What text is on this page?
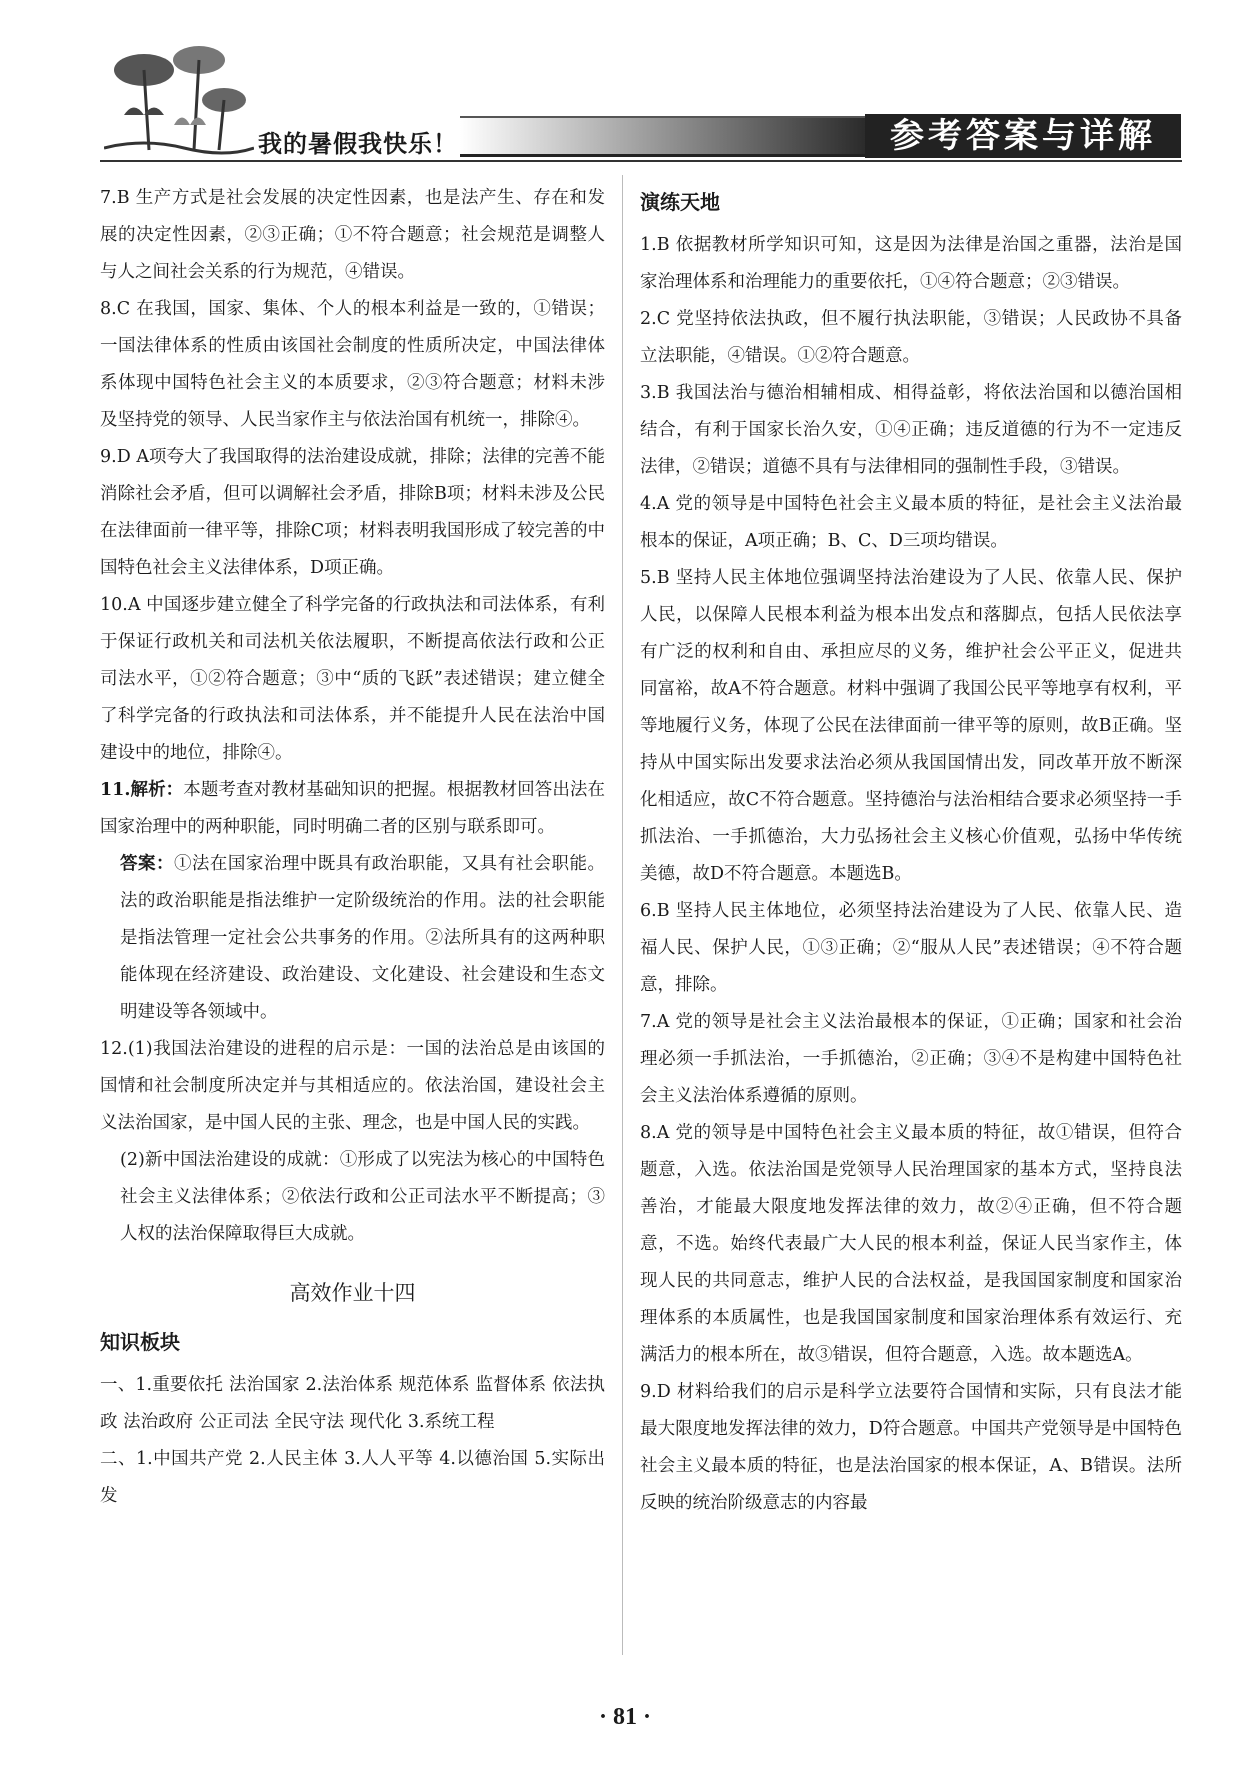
我的暑假我快乐！	参考答案与详解

7.B 生产方式是社会发展的决定性因素，也是法产生、存在和发展的决定性因素，②③正确；①不符合题意；社会规范是调整人与人之间社会关系的行为规范，④错误。

8.C 在我国，国家、集体、个人的根本利益是一致的，①错误；一国法律体系的性质由该国社会制度的性质所决定，中国法律体系体现中国特色社会主义的本质要求，②③符合题意；材料未涉及坚持党的领导、人民当家作主与依法治国有机统一，排除④。

9.D A项夸大了我国取得的法治建设成就，排除；法律的完善不能消除社会矛盾，但可以调解社会矛盾，排除B项；材料未涉及公民在法律面前一律平等，排除C项；材料表明我国形成了较完善的中国特色社会主义法律体系，D项正确。

10.A 中国逐步建立健全了科学完备的行政执法和司法体系，有利于保证行政机关和司法机关依法履职，不断提高依法行政和公正司法水平，①②符合题意；③中“质的飞跃”表述错误；建立健全了科学完备的行政执法和司法体系，并不能提升人民在法治中国建设中的地位，排除④。

11.解析：本题考查对教材基础知识的把握。根据教材回答出法在国家治理中的两种职能，同时明确二者的区别与联系即可。

答案：①法在国家治理中既具有政治职能，又具有社会职能。法的政治职能是指法维护一定阶级统治的作用。法的社会职能是指法管理一定社会公共事务的作用。②法所具有的这两种职能体现在经济建设、政治建设、文化建设、社会建设和生态文明建设等各领域中。

12.(1)我国法治建设的进程的启示是：一国的法治总是由该国的国情和社会制度所决定并与其相适应的。依法治国，建设社会主义法治国家，是中国人民的主张、理念，也是中国人民的实践。

(2)新中国法治建设的成就：①形成了以宪法为核心的中国特色社会主义法律体系；②依法行政和公正司法水平不断提高；③人权的法治保障取得巨大成就。

高效作业十四
知识板块

一、1.重要依托 法治国家 2.法治体系 规范体系 监督体系 依法执政 法治政府 公正司法 全民守法 现代化 3.系统工程

二、1.中国共产党 2.人民主体 3.人人平等 4.以德治国 5.实际出发

演练天地

1.B 依据教材所学知识可知，这是因为法律是治国之重器，法治是国家治理体系和治理能力的重要依托，①④符合题意；②③错误。

2.C 党坚持依法执政，但不履行执法职能，③错误；人民政协不具备立法职能，④错误。①②符合题意。

3.B 我国法治与德治相辅相成、相得益彰，将依法治国和以德治国相结合，有利于国家长治久安，①④正确；违反道德的行为不一定违反法律，②错误；道德不具有与法律相同的强制性手段，③错误。

4.A 党的领导是中国特色社会主义最本质的特征，是社会主义法治最根本的保证，A项正确；B、C、D三项均错误。

5.B 坚持人民主体地位强调坚持法治建设为了人民、依靠人民、保护人民，以保障人民根本利益为根本出发点和落脚点，包括人民依法享有广泛的权利和自由、承担应尽的义务，维护社会公平正义，促进共同富裕，故A不符合题意。材料中强调了我国公民平等地享有权利，平等地履行义务，体现了公民在法律面前一律平等的原则，故B正确。坚持从中国实际出发要求法治必须从我国国情出发，同改革开放不断深化相适应，故C不符合题意。坚持德治与法治相结合要求必须坚持一手抓法治、一手抓德治，大力弘扬社会主义核心价值观，弘扬中华传统美德，故D不符合题意。本题选B。

6.B 坚持人民主体地位，必须坚持法治建设为了人民、依靠人民、造福人民、保护人民，①③正确；②“服从人民”表述错误；④不符合题意，排除。

7.A 党的领导是社会主义法治最根本的保证，①正确；国家和社会治理必须一手抓法治，一手抓德治，②正确；③④不是构建中国特色社会主义法治体系遵循的原则。

8.A 党的领导是中国特色社会主义最本质的特征，故①错误，但符合题意，入选。依法治国是党领导人民治理国家的基本方式，坚持良法善治，才能最大限度地发挥法律的效力，故②④正确，但不符合题意，不选。始终代表最广大人民的根本利益，保证人民当家作主，体现人民的共同意志，维护人民的合法权益，是我国国家制度和国家治理体系的本质属性，也是我国国家制度和国家治理体系有效运行、充满活力的根本所在，故③错误，但符合题意，入选。故本题选A。

9.D 材料给我们的启示是科学立法要符合国情和实际，只有良法才能最大限度地发挥法律的效力，D符合题意。中国共产党领导是中国特色社会主义最本质的特征，也是法治国家的根本保证，A、B错误。法所反映的统治阶级意志的内容最

· 81 ·
